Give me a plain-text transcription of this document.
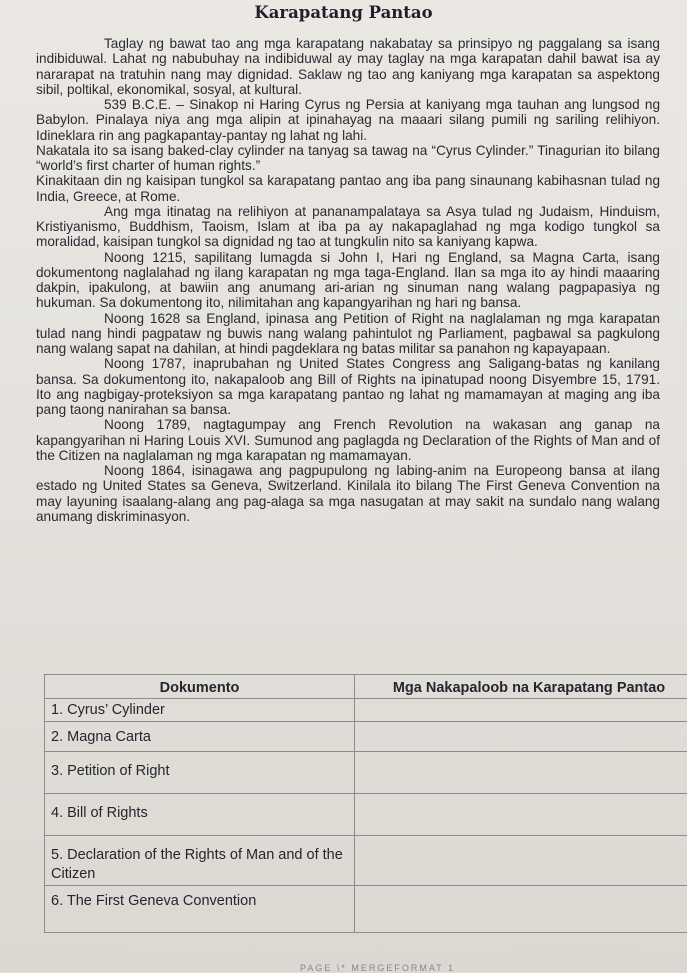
Karapatang Pantao

Taglay ng bawat tao ang mga karapatang nakabatay sa prinsipyo ng paggalang sa isang indibiduwal. Lahat ng nabubuhay na indibiduwal ay may taglay na mga karapatan dahil bawat isa ay nararapat na tratuhin nang may dignidad. Saklaw ng tao ang kaniyang mga karapatan sa aspektong sibil, poltikal, ekonomikal, sosyal, at kultural.

539 B.C.E. – Sinakop ni Haring Cyrus ng Persia at kaniyang mga tauhan ang lungsod ng Babylon. Pinalaya niya ang mga alipin at ipinahayag na maaari silang pumili ng sariling relihiyon. Idineklara rin ang pagkapantay-pantay ng lahat ng lahi.

Nakatala ito sa isang baked-clay cylinder na tanyag sa tawag na “Cyrus Cylinder.” Tinagurian ito bilang “world’s first charter of human rights.”

Kinakitaan din ng kaisipan tungkol sa karapatang pantao ang iba pang sinaunang kabihasnan tulad ng India, Greece, at Rome.

Ang mga itinatag na relihiyon at pananampalataya sa Asya tulad ng Judaism, Hinduism, Kristiyanismo, Buddhism, Taoism, Islam at iba pa ay nakapaglahad ng mga kodigo tungkol sa moralidad, kaisipan tungkol sa dignidad ng tao at tungkulin nito sa kaniyang kapwa.

Noong 1215, sapilitang lumagda si John I, Hari ng England, sa Magna Carta, isang dokumentong naglalahad ng ilang karapatan ng mga taga-England. Ilan sa mga ito ay hindi maaaring dakpin, ipakulong, at bawiin ang anumang ari-arian ng sinuman nang walang pagpapasiya ng hukuman. Sa dokumentong ito, nilimitahan ang kapangyarihan ng hari ng bansa.

Noong 1628 sa England, ipinasa ang Petition of Right na naglalaman ng mga karapatan tulad nang hindi pagpataw ng buwis nang walang pahintulot ng Parliament, pagbawal sa pagkulong nang walang sapat na dahilan, at hindi pagdeklara ng batas militar sa panahon ng kapayapaan.

Noong 1787, inaprubahan ng United States Congress ang Saligang-batas ng kanilang bansa. Sa dokumentong ito, nakapaloob ang Bill of Rights na ipinatupad noong Disyembre 15, 1791. Ito ang nagbigay-proteksiyon sa mga karapatang pantao ng lahat ng mamamayan at maging ang iba pang taong nanirahan sa bansa.

Noong 1789, nagtagumpay ang French Revolution na wakasan ang ganap na kapangyarihan ni Haring Louis XVI. Sumunod ang paglagda ng Declaration of the Rights of Man and of the Citizen na naglalaman ng mga karapatan ng mamamayan.

Noong 1864, isinagawa ang pagpupulong ng labing-anim na Europeong bansa at ilang estado ng United States sa Geneva, Switzerland. Kinilala ito bilang The First Geneva Convention na may layuning isaalang-alang ang pag-alaga sa mga nasugatan at may sakit na sundalo nang walang anumang diskriminasyon.

Dokumento	Mga Nakapaloob na Karapatang Pantao
1. Cyrus’ Cylinder	
2. Magna Carta	
3. Petition of Right	
4. Bill of Rights	
5. Declaration of the Rights of Man and of the Citizen	
6. The First Geneva Convention	
PAGE \* MERGEFORMAT 1
